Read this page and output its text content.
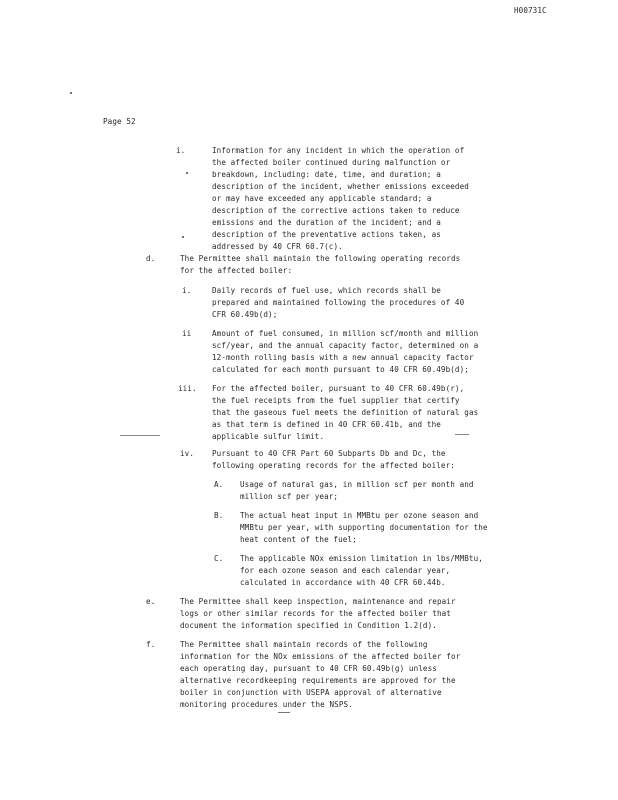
H00731C
Page 52
i.	Information for any incident in which the operation of
the affected boiler continued during malfunction or
breakdown, including: date, time, and duration; a
description of the incident, whether emissions exceeded
or may have exceeded any applicable standard; a
description of the corrective actions taken to reduce
emissions and the duration of the incident; and a
description of the preventative actions taken, as
addressed by 40 CFR 60.7(c).
d.	The Permittee shall maintain the following operating records
for the affected boiler:
i.	Daily records of fuel use, which records shall be
prepared and maintained following the procedures of 40
CFR 60.49b(d);
ii	Amount of fuel consumed, in million scf/month and million
scf/year, and the annual capacity factor, determined on a
12-month rolling basis with a new annual capacity factor
calculated for each month pursuant to 40 CFR 60.49b(d);
iii. For the affected boiler, pursuant to 40 CFR 60.49b(r),
the fuel receipts from the fuel supplier that certify
that the gaseous fuel meets the definition of natural gas
as that term is defined in 40 CFR 60.41b, and the
applicable sulfur limit.
iv. Pursuant to 40 CFR Part 60 Subparts Db and Dc, the
following operating records for the affected boiler:
A. Usage of natural gas, in million scf per month and
million scf per year;
B. The actual heat input in MMBtu per ozone season and
MMBtu per year, with supporting documentation for the
heat content of the fuel;
C. The applicable NOx emission limitation in lbs/MMBtu,
for each ozone season and each calendar year,
calculated in accordance with 40 CFR 60.44b.
e.	The Permittee shall keep inspection, maintenance and repair
logs or other similar records for the affected boiler that
document the information specified in Condition 1.2(d).
f.	The Permittee shall maintain records of the following
information for the NOx emissions of the affected boiler for
each operating day, pursuant to 40 CFR 60.49b(g) unless
alternative recordkeeping requirements are approved for the
boiler in conjunction with USEPA approval of alternative
monitoring procedures under the NSPS.
